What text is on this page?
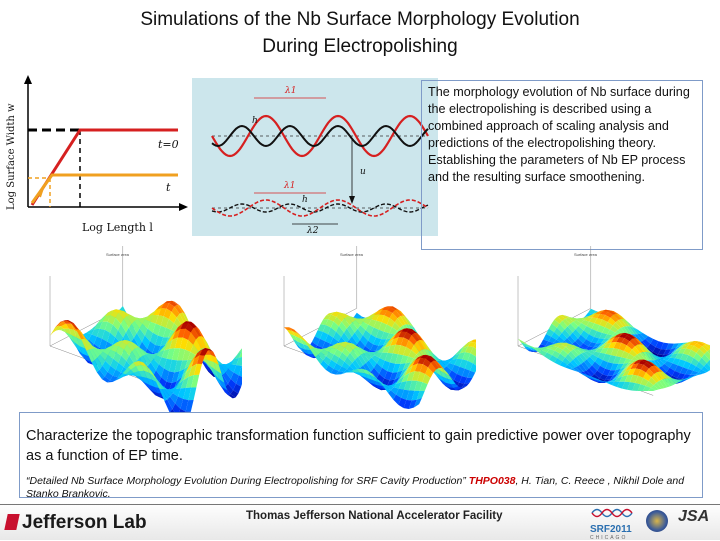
Simulations of the Nb Surface Morphology Evolution
During Electropolishing
Log Surface Width w	t=0
t
Log Length l
λ1
h
u
λ1
h
λ2
The morphology evolution of Nb surface during the electropolishing is described using a combined approach of scaling analysis and predictions of the electropolishing theory. Establishing the parameters of Nb EP process and the resulting surface smoothening.
Surface area	Surface area	Surface area
Characterize the topographic transformation function sufficient to gain predictive power over topography as a function of EP time.
“Detailed Nb Surface Morphology Evolution During Electropolishing for SRF Cavity Production” THPO038, H. Tian, C. Reece , Nikhil Dole and Stanko Brankovic.
Jefferson Lab	Thomas Jefferson National Accelerator Facility
SRF2011
CHICAGO
JSA
